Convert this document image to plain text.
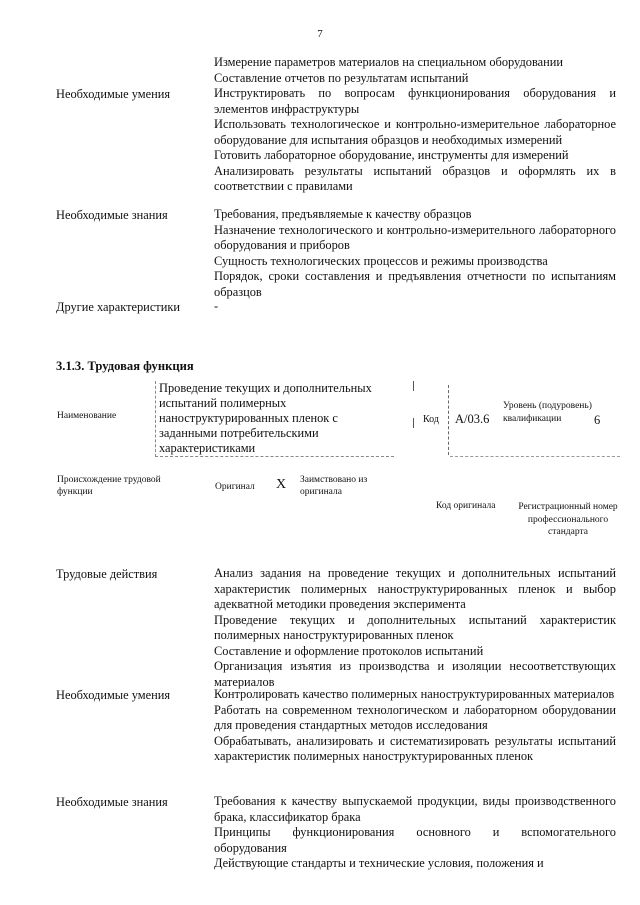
7
Измерение параметров материалов на специальном оборудовании
Составление отчетов по результатам испытаний
Необходимые умения	Инструктировать по вопросам функционирования оборудования и элементов инфраструктуры
Использовать технологическое и контрольно-измерительное лабораторное оборудование для испытания образцов и необходимых измерений
Готовить лабораторное оборудование, инструменты для измерений
Анализировать результаты испытаний образцов и оформлять их в соответствии с правилами
Необходимые знания	Требования, предъявляемые к качеству образцов
Назначение технологического и контрольно-измерительного лабораторного оборудования и приборов
Сущность технологических процессов и режимы производства
Порядок, сроки составления и предъявления отчетности по испытаниям образцов
Другие характеристики	-
3.1.3. Трудовая функция
Наименование
Проведение текущих и дополнительных испытаний полимерных наноструктурированных пленок с заданными потребительскими характеристиками
Код А/03.6
Уровень (подуровень) квалификации	6
Происхождение трудовой функции	Оригинал X Заимствовано из оригинала
Код оригинала	Регистрационный номер профессионального стандарта
Трудовые действия	Анализ задания на проведение текущих и дополнительных испытаний характеристик полимерных наноструктурированных пленок и выбор адекватной методики проведения эксперимента
Проведение текущих и дополнительных испытаний характеристик полимерных наноструктурированных пленок
Составление и оформление протоколов испытаний
Организация изъятия из производства и изоляции несоответствующих материалов
Необходимые умения	Контролировать качество полимерных наноструктурированных материалов
Работать на современном технологическом и лабораторном оборудовании для проведения стандартных методов исследования
Обрабатывать, анализировать и систематизировать результаты испытаний характеристик полимерных наноструктурированных пленок
Необходимые знания	Требования к качеству выпускаемой продукции, виды производственного брака, классификатор брака
Принципы функционирования основного и вспомогательного оборудования
Действующие стандарты и технические условия, положения и
